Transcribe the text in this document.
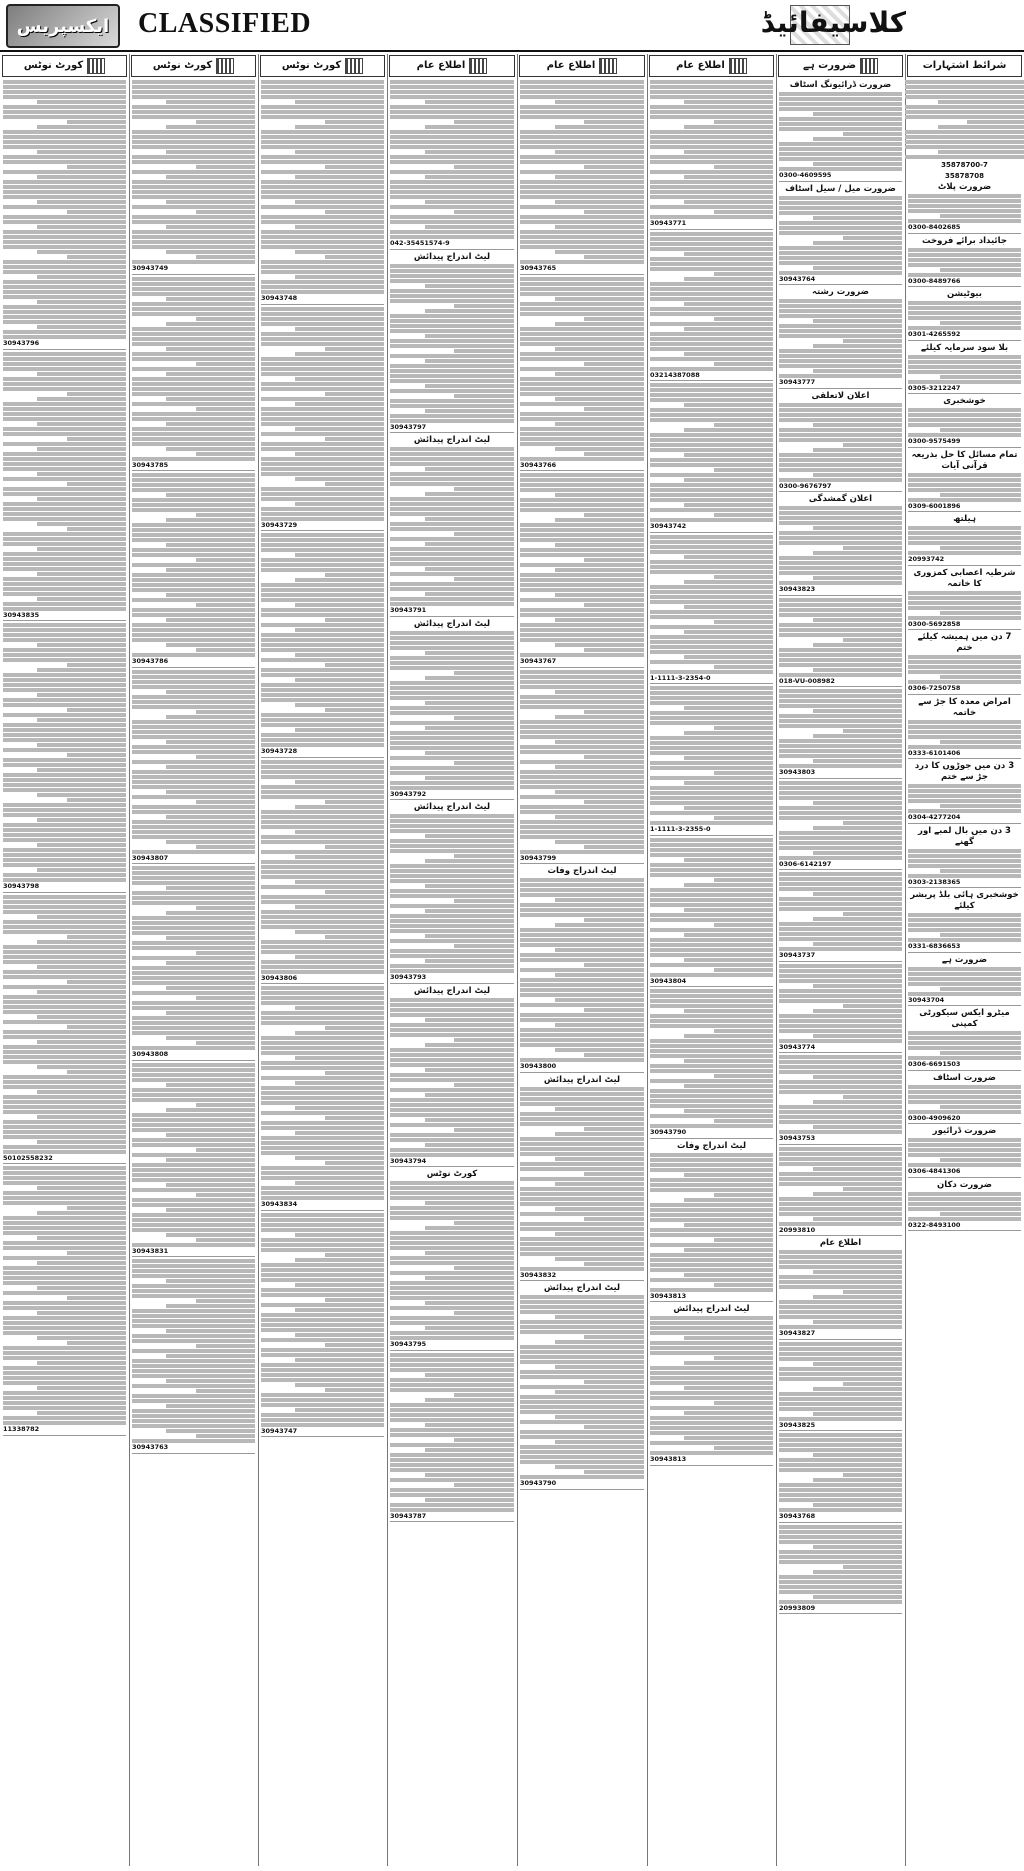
ایکسپریس	CLASSIFIED	کلاسیفائیڈ
کورٹ نوٹس
30943796
30943835
30943798
50102558232
11338782
کورٹ نوٹس
30943749
30943785
30943786
30943807
30943808
30943831
30943763
کورٹ نوٹس
30943748
30943729
30943728
30943806
30943834
30943747
اطلاع عام
042-35451574-9
لیٹ اندراج پیدائش
30943797
لیٹ اندراج پیدائش
30943791
لیٹ اندراج پیدائش
30943792
لیٹ اندراج پیدائش
30943793
لیٹ اندراج پیدائش
30943794
کورٹ نوٹس
30943795
30943787
اطلاع عام
30943765
30943766
30943767
30943799
لیٹ اندراج وفات
30943800
لیٹ اندراج پیدائش
30943832
لیٹ اندراج پیدائش
30943790
اطلاع عام
30943771
03214387088
30943742
1-1111-3-2354-0
1-1111-3-2355-0
30943804
30943790
لیٹ اندراج وفات
30943813
لیٹ اندراج پیدائش
30943813
ضرورت ہے
ضرورت ڈرائیونگ اسٹاف
0300-4609595
ضرورت میل / سیل اسٹاف
30943764
ضرورت رشتہ
30943777
اعلان لاتعلقی
0300-9676797
اعلان گمشدگی
30943823
018-VU-008982
30943803
0306-6142197
30943737
30943774
30943753
20993810
اطلاع عام
30943827
30943825
30943768
20993809
شرائط اشتہارات
35878700-7
35878708
ضرورت پلاٹ
0300-8402685
جائیداد برائے فروخت
0300-8489766
بیوٹیشن
0301-4265592
بلا سود سرمایہ کیلئے
0305-3212247
خوشخبری
0300-9575499
تمام مسائل کا حل بذریعہ قرآنی آیات
0309-6001896
ہیلتھ
20993742
شرطیہ اعصابی کمزوری کا خاتمہ
0300-5692858
7 دن میں ہمیشہ کیلئے ختم
0306-7250758
امراض معدہ کا جڑ سے خاتمہ
0333-6101406
3 دن میں جوڑوں کا درد جڑ سے ختم
0304-4277204
3 دن میں بال لمبے اور گھنے
0303-2138365
خوشخبری ہائی بلڈ پریشر کیلئے
0331-6836653
ضرورت ہے
30943704
میٹرو ایکس سیکورٹی کمپنی
0306-6691503
ضرورت اسٹاف
0300-4909620
ضرورت ڈرائیور
0306-4841306
ضرورت دکان
0322-8493100
